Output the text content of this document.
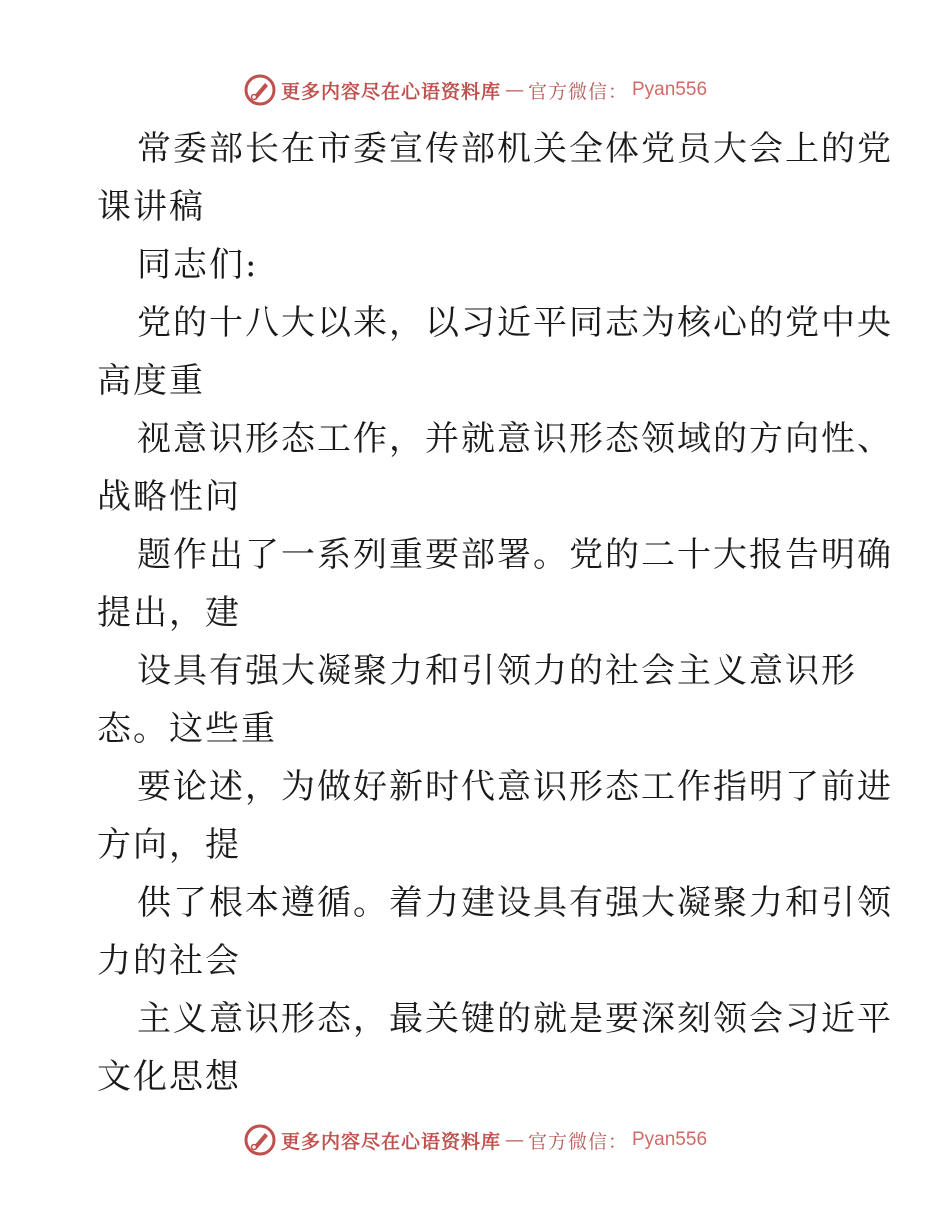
更多内容尽在心语资料库 — 官方微信： Pyan556
常委部长在市委宣传部机关全体党员大会上的党
课讲稿
同志们:
党的十八大以来，以习近平同志为核心的党中央
高度重
视意识形态工作，并就意识形态领域的方向性、
战略性问
题作出了一系列重要部署。党的二十大报告明确
提出，建
设具有强大凝聚力和引领力的社会主义意识形
态。这些重
要论述，为做好新时代意识形态工作指明了前进
方向，提
供了根本遵循。着力建设具有强大凝聚力和引领
力的社会
主义意识形态，最关键的就是要深刻领会习近平
文化思想
更多内容尽在心语资料库 — 官方微信： Pyan556
